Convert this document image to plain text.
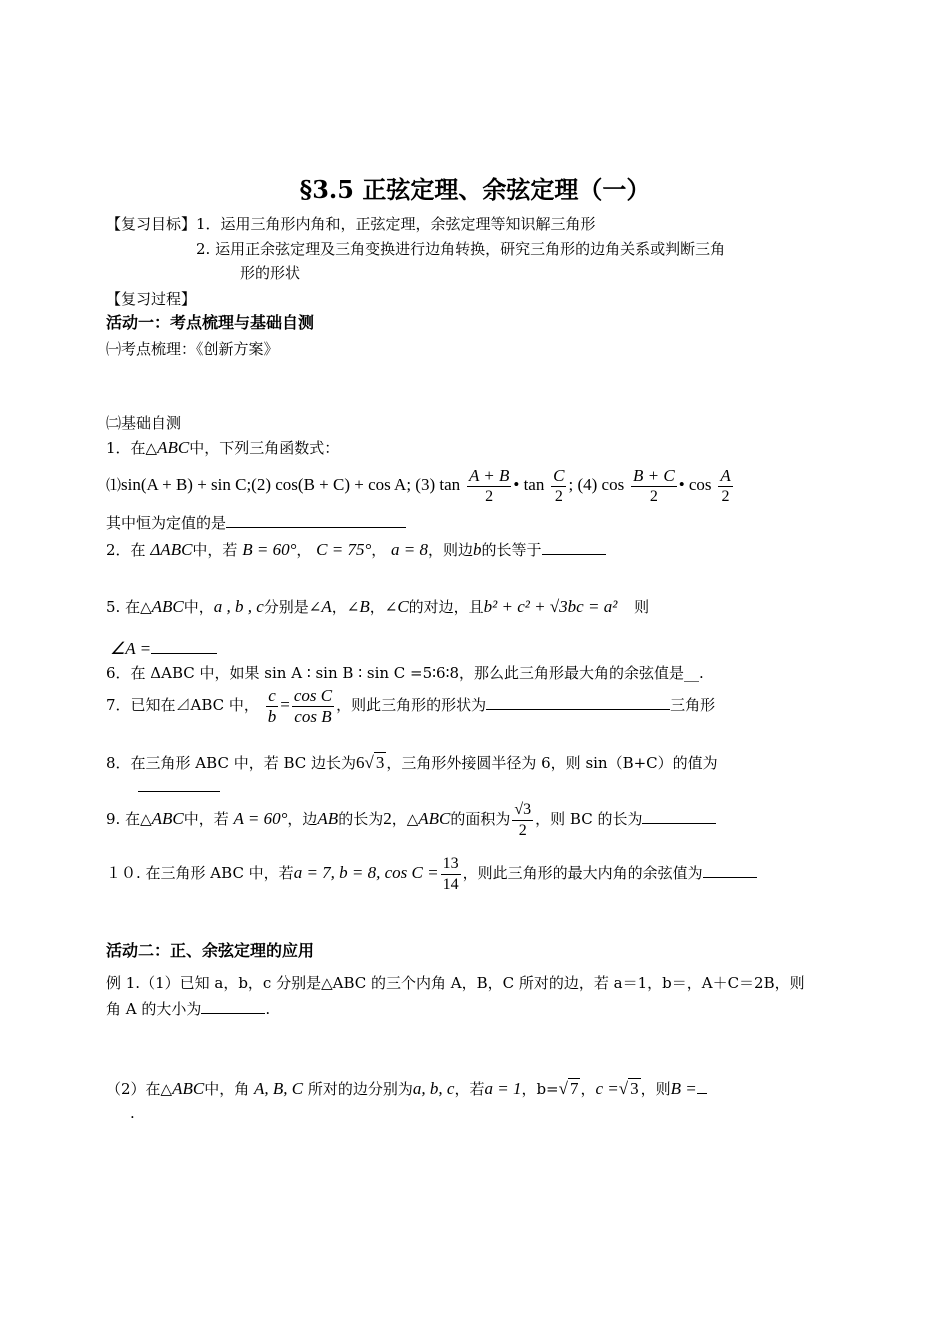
§3.5 正弦定理、余弦定理（一）
【复习目标】1．运用三角形内角和，正弦定理，余弦定理等知识解三角形
2. 运用正余弦定理及三角变换进行边角转换，研究三角形的边角关系或判断三角
形的形状
【复习过程】
活动一：考点梳理与基础自测
㈠考点梳理：《创新方案》
㈡基础自测
1．在△ABC中，下列三角函数式：
⑴sin(A + B) + sin C;(2) cos(B + C) + cos A; (3) $\tan \frac{A + B}{2}$ • $\tan \frac{C}{2}$ ; (4) $\cos \frac{B + C}{2}$ • $\cos \frac{A}{2}$
其中恒为定值的是
2．在 ΔABC中，若 B = 60°， C = 75°， a = 8，则边b的长等于
5. 在△ABC中，a , b , c分别是∠A，∠B，∠C的对边，且b² + c² + √3bc = a² 则
∠A =
6．在 ΔABC 中，如果 sin A ∶ sin B ∶ sin C =5∶6∶8，那么此三角形最大角的余弦值是__.
7．已知在⊿ABC 中， $\frac{c}{b} = \frac{\text{cos C}}{\text{cos B}}$ ，则此三角形的形状为	三角形
8．在三角形 ABC 中，若 BC 边长为6√ 3 ，三角形外接圆半径为 6，则 sin（B+C）的值为
9. 在△ABC中，若 A = 60°，边AB的长为2，△ABC的面积为 $\frac{√3}{2}$ ，则 BC 的长为
１０. 在三角形 ABC 中，若a = 7, b = 8, $\cos C = \frac{13}{14}$ ，则此三角形的最大内角的余弦值为
活动二：正、余弦定理的应用
例 1.（1）已知 a，b，c 分别是△ABC 的三个内角 A，B，C 所对的边，若 a＝1，b＝，A＋C＝2B，则
角 A 的大小为	.
（2）在△ABC中，角 A, B, C 所对的边分别为a, b, c，若a = 1，b=√ 7 ，c =√ 3 ，则B =
.
